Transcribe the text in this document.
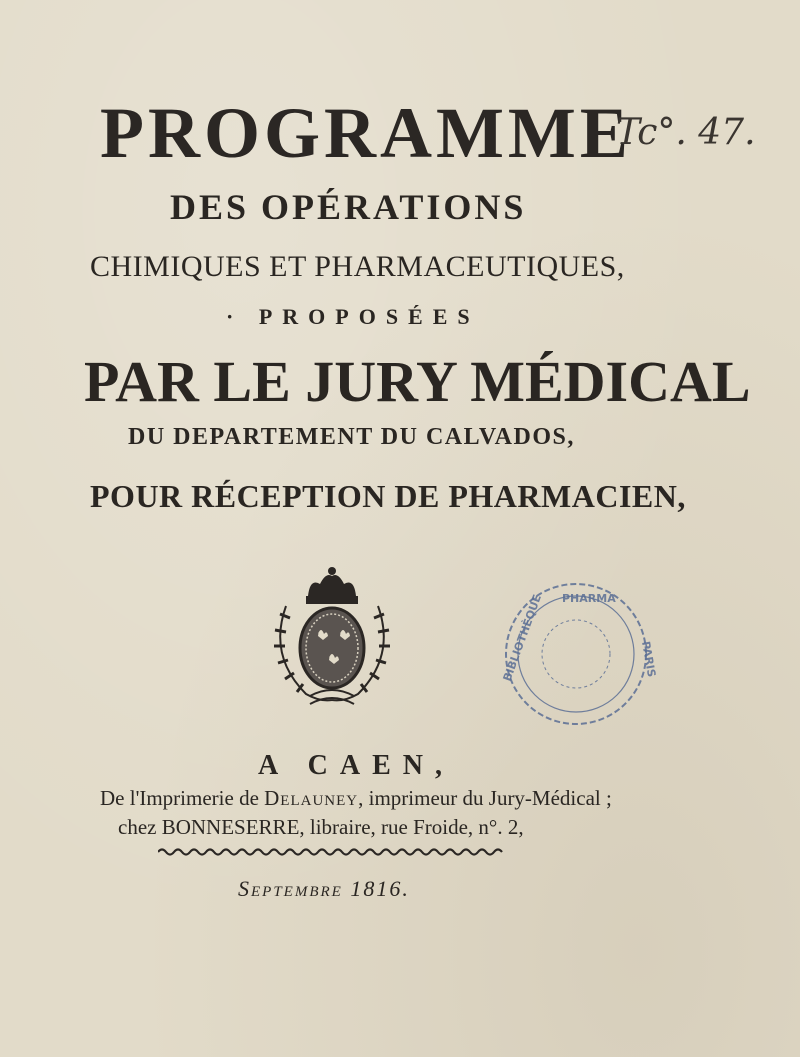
PROGRAMME
Tc°. 47.
DES OPÉRATIONS
CHIMIQUES ET PHARMACEUTIQUES,
· PROPOSÉES
PAR LE JURY MÉDICAL
DU DEPARTEMENT DU CALVADOS,
POUR RÉCEPTION DE PHARMACIEN,
PHARMA
BIBLIOTHÈQUE	PARIS
A CAEN,
De l'Imprimerie de Delauney, imprimeur du Jury-Médical ;
chez BONNESERRE, libraire, rue Froide, n°. 2,
Septembre 1816.
